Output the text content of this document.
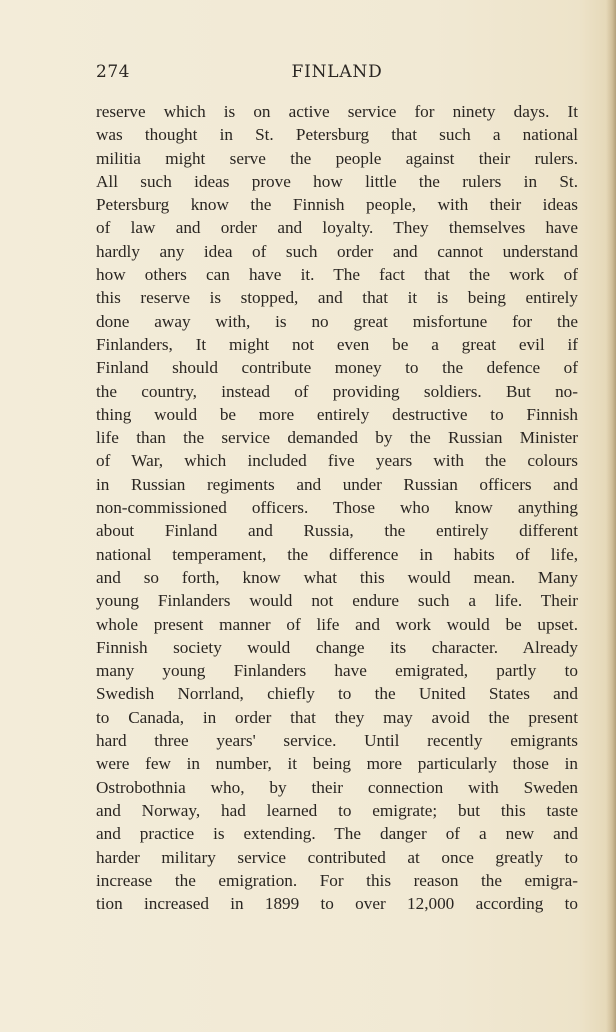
274	FINLAND
reserve which is on active service for ninety days. It
was thought in St. Petersburg that such a national
militia might serve the people against their rulers.
All such ideas prove how little the rulers in St.
Petersburg know the Finnish people, with their ideas
of law and order and loyalty. They themselves have
hardly any idea of such order and cannot understand
how others can have it. The fact that the work of
this reserve is stopped, and that it is being entirely
done away with, is no great misfortune for the
Finlanders, It might not even be a great evil if
Finland should contribute money to the defence of
the country, instead of providing soldiers. But no-
thing would be more entirely destructive to Finnish
life than the service demanded by the Russian Minister
of War, which included five years with the colours
in Russian regiments and under Russian officers and
non-commissioned officers. Those who know anything
about Finland and Russia, the entirely different
national temperament, the difference in habits of life,
and so forth, know what this would mean. Many
young Finlanders would not endure such a life. Their
whole present manner of life and work would be upset.
Finnish society would change its character. Already
many young Finlanders have emigrated, partly to
Swedish Norrland, chiefly to the United States and
to Canada, in order that they may avoid the present
hard three years' service. Until recently emigrants
were few in number, it being more particularly those in
Ostrobothnia who, by their connection with Sweden
and Norway, had learned to emigrate; but this taste
and practice is extending. The danger of a new and
harder military service contributed at once greatly to
increase the emigration. For this reason the emigra-
tion increased in 1899 to over 12,000 according to
